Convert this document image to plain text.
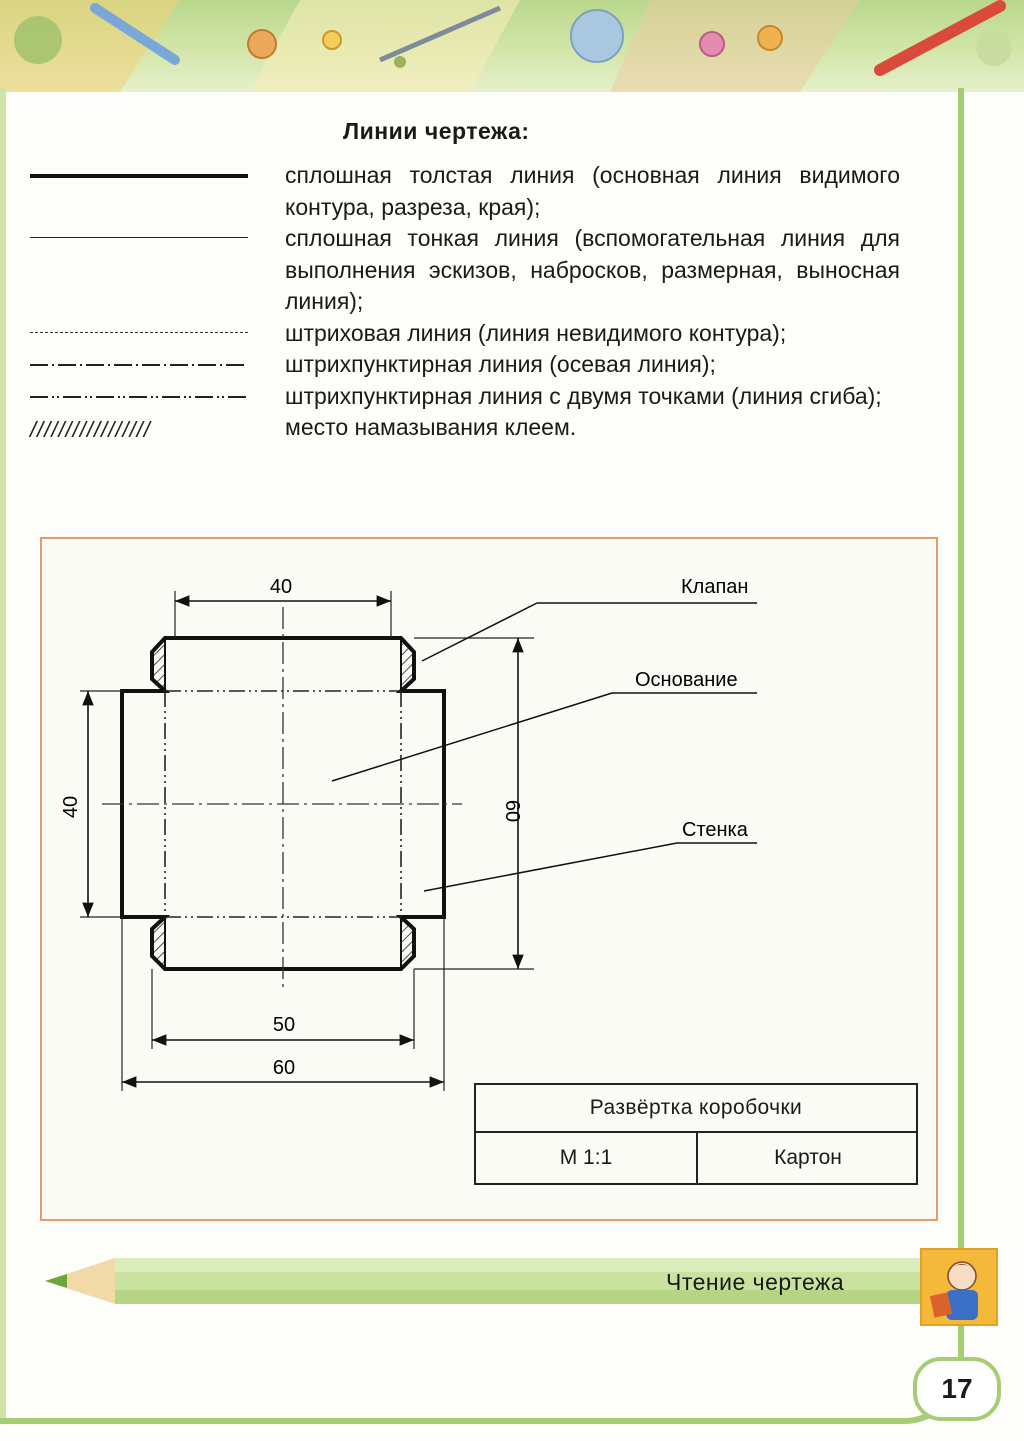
Линии чертежа:
сплошная толстая линия (основная линия видимого контура, разреза, края);
сплошная тонкая линия (вспомогательная линия для выполнения эскизов, набросков, размерная, выносная линия);
штриховая линия (линия невидимого контура);
штрихпунктирная линия (осевая линия);
штрихпунктирная линия с двумя точками (линия сгиба);
/////////////////	место намазывания клеем.
40
40	60
50
60
Клапан
Основание
Стенка
Развёртка коробочки
М 1:1	Картон
Чтение чертежа
17
